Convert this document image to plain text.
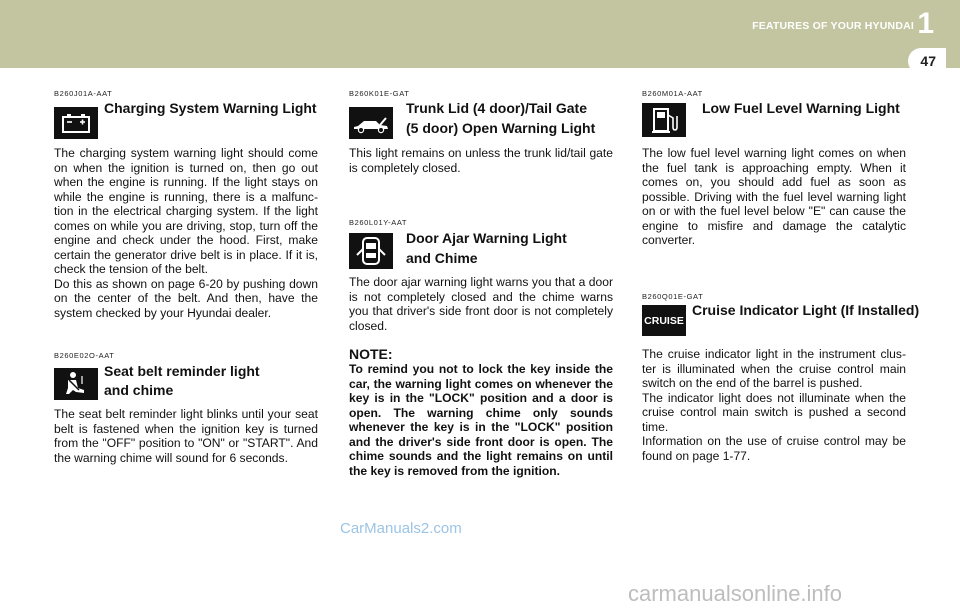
FEATURES OF YOUR HYUNDAI 1
47
B260J01A-AAT
Charging System Warning Light
The charging system warning light should come on when the ignition is turned on, then go out when the engine is running. If the light stays on while the engine is running, there is a malfunc-tion in the electrical charging system. If the light comes on while you are driving, stop, turn off the engine and check under the hood. First, make certain the generator drive belt is in place. If it is, check the tension of the belt.
Do this as shown on page 6-20 by pushing down on the center of the belt. And then, have the system checked by your Hyundai dealer.
B260E02O-AAT
Seat belt reminder light
and chime
The seat belt reminder light blinks until your seat belt is fastened when the ignition key is turned from the "OFF" position to "ON" or "START". And the warning chime will sound for 6 seconds.
B260K01E-GAT
Trunk Lid (4 door)/Tail Gate
(5 door) Open Warning Light
This light remains on unless the trunk lid/tail gate is completely closed.
B260L01Y-AAT
Door Ajar Warning Light
and Chime
The door ajar warning light warns you that a door is not completely closed and the chime warns you that driver's side front door is not completely closed.
NOTE:
To remind you not to lock the key inside the car, the warning light comes on whenever the key is in the "LOCK" position and a door is open. The warning chime only sounds whenever the key is in the "LOCK" position and the driver's side front door is open. The chime sounds and the light remains on until the key is removed from the ignition.
B260M01A-AAT
Low Fuel Level Warning Light
The low fuel level warning light comes on when the fuel tank is approaching empty. When it comes on, you should add fuel as soon as possible. Driving with the fuel level warning light on or with the fuel level below "E" can cause the engine to misfire and damage the catalytic converter.
B260Q01E-GAT
CRUISE
Cruise Indicator Light (If Installed)
The cruise indicator light in the instrument clus-ter is illuminated when the cruise control main switch on the end of the barrel is pushed.
The indicator light does not illuminate when the cruise control main switch is pushed a second time.
Information on the use of cruise control may be found on page 1-77.
CarManuals2.com
carmanualsonline.info
